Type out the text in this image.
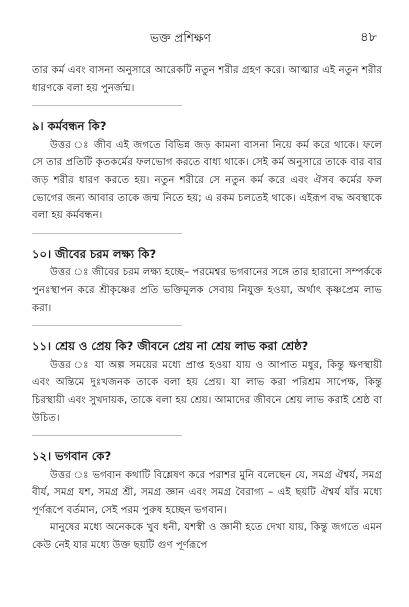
ভক্ত প্রশিক্ষণ	৪৮
তার কর্ম এবং বাসনা অনুসারে আরেকটি নতুন শরীর গ্রহণ করে। আত্মার এই নতুন শরীর ধারণকে বলা হয় পুনর্জন্ম।
৯। কর্মবন্ধন কি?
উত্তর ঃ জীব এই জগতে বিভিন্ন জড় কামনা বাসনা নিয়ে কর্ম করে থাকে। ফলে সে তার প্রতিটি কৃতকর্মের ফলভোগ করতে বাধ্য থাকে। সেই কর্ম অনুসারে তাকে বার বার জড় শরীর ধারণ করতে হয়। নতুন শরীরে সে নতুন কর্ম করে এবং ঐসব কর্মের ফল ভোগের জন্য আবার তাকে জন্ম নিতে হয়; এ রকম চলতেই থাকে। এইরূপ বদ্ধ অবস্থাকে বলা হয় কর্মবন্ধন।
১০। জীবের চরম লক্ষ্য কি?
উত্তর ঃ জীবের চরম লক্ষ্য হচ্ছে– পরমেশ্বর ভগবানের সঙ্গে তার হারানো সম্পর্ককে পুনঃস্থাপন করে শ্রীকৃষ্ণের প্রতি ভক্তিমূলক সেবায় নিযুক্ত হওয়া, অর্থাৎ কৃষ্ণপ্রেম লাভ করা।
১১। শ্রেয় ও প্রেয় কি? জীবনে প্রেয় না শ্রেয় লাভ করা শ্রেষ্ঠ?
উত্তর ঃ যা অল্প সময়ের মধ্যে প্রাপ্ত হওয়া যায় ও আপাত মধুর, কিন্তু ক্ষণস্থায়ী এবং অন্তিমে দুঃখজনক তাকে বলা হয় প্রেয়। যা লাভ করা পরিশ্রম সাপেক্ষ, কিন্তু চিরস্থায়ী এবং সুখদায়ক, তাকে বলা হয় শ্রেয়। আমাদের জীবনে শ্রেয় লাভ করাই শ্রেষ্ঠ বা উচিত।
১২। ভগবান কে?
উত্তর ঃ ভগবান কথাটি বিশ্লেষণ করে পরাশর মুনি বলেছেন যে, সমগ্র ঐশ্বর্য, সমগ্র বীর্য, সমগ্র যশ, সমগ্র শ্রী, সমগ্র জ্ঞান এবং সমগ্র বৈরাগ্য – এই ছয়টি ঐশ্বর্য যাঁর মধ্যে পূর্ণরূপে বর্তমান, সেই পরম পুরুষ হচ্ছেন ভগবান।
মানুষের মধ্যে অনেককে খুব ধনী, যশস্বী ও জ্ঞানী হতে দেখা যায়, কিন্তু জগতে এমন কেউ নেই যার মধ্যে উক্ত ছয়টি গুণ পূর্ণরূপে
